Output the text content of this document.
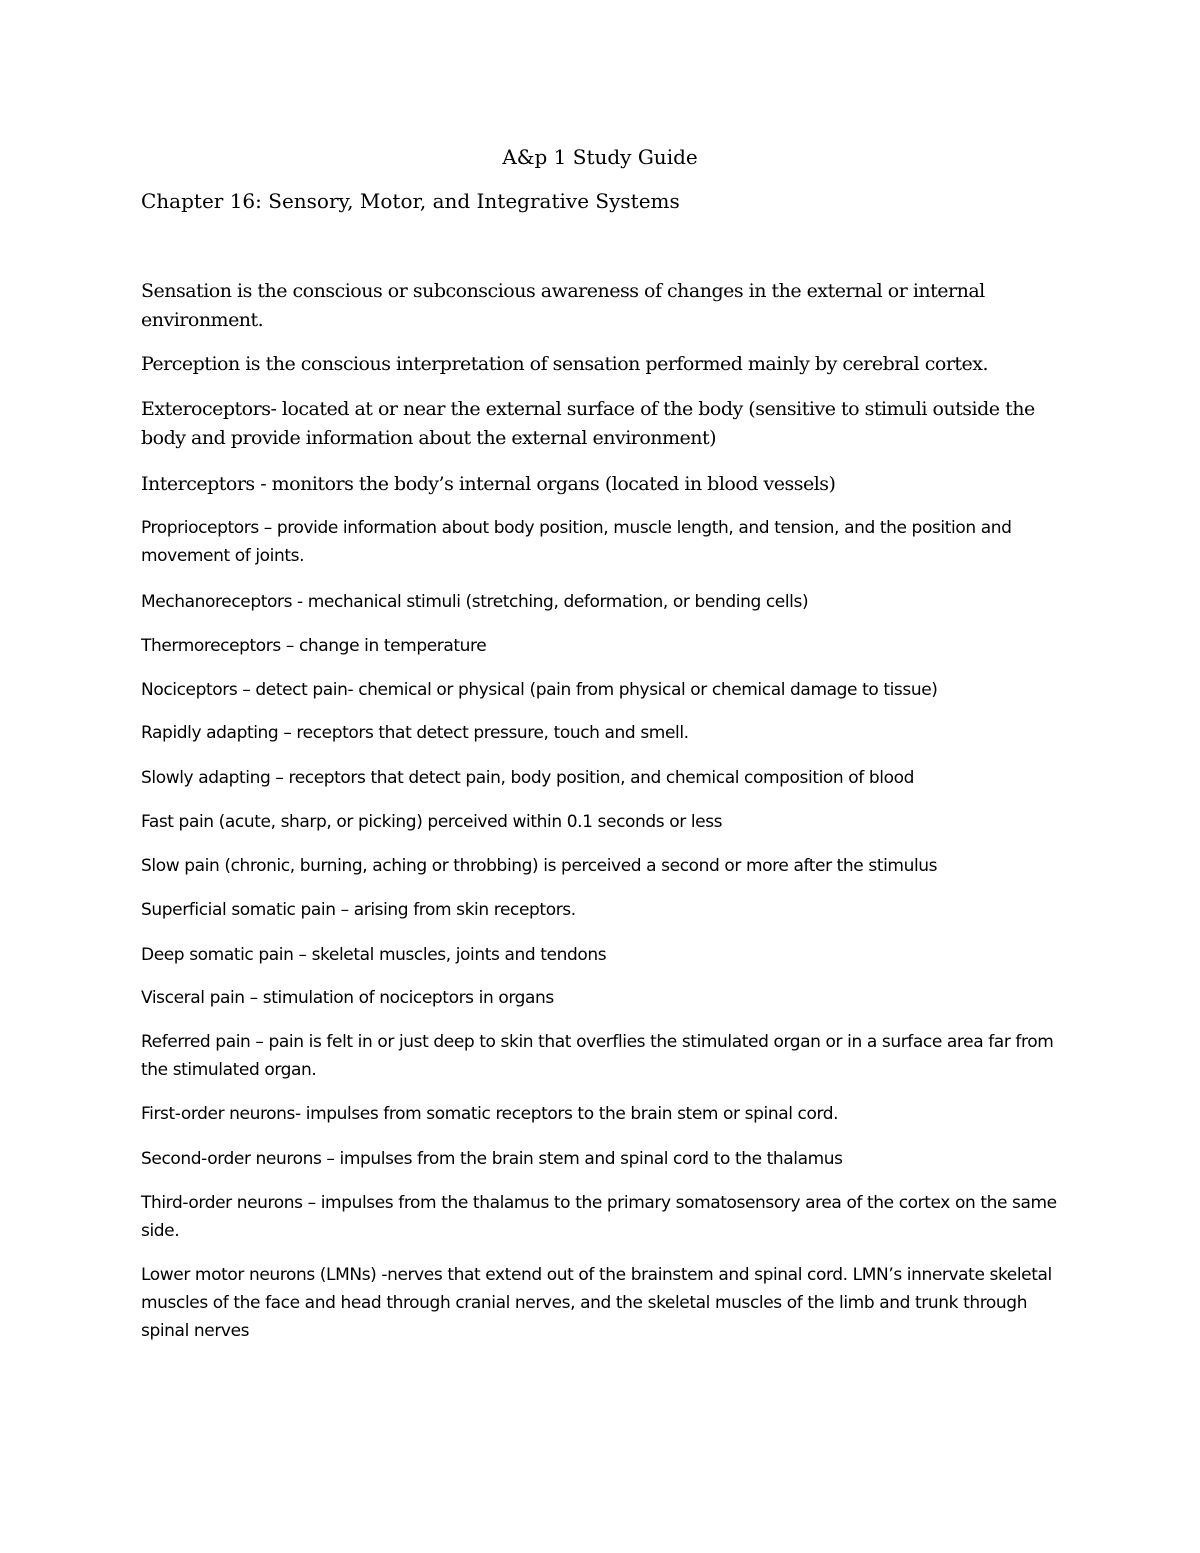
A&p 1 Study Guide

Chapter 16: Sensory, Motor, and Integrative Systems

Sensation is the conscious or subconscious awareness of changes in the external or internal environment.

Perception is the conscious interpretation of sensation performed mainly by cerebral cortex.

Exteroceptors- located at or near the external surface of the body (sensitive to stimuli outside the body and provide information about the external environment)

Interceptors - monitors the body’s internal organs (located in blood vessels)

Proprioceptors – provide information about body position, muscle length, and tension, and the position and movement of joints.

Mechanoreceptors - mechanical stimuli (stretching, deformation, or bending cells)

Thermoreceptors – change in temperature

Nociceptors – detect pain- chemical or physical (pain from physical or chemical damage to tissue)

Rapidly adapting – receptors that detect pressure, touch and smell.

Slowly adapting – receptors that detect pain, body position, and chemical composition of blood

Fast pain (acute, sharp, or picking) perceived within 0.1 seconds or less

Slow pain (chronic, burning, aching or throbbing) is perceived a second or more after the stimulus

Superficial somatic pain – arising from skin receptors.

Deep somatic pain – skeletal muscles, joints and tendons

Visceral pain – stimulation of nociceptors in organs

Referred pain – pain is felt in or just deep to skin that overflies the stimulated organ or in a surface area far from the stimulated organ.

First-order neurons- impulses from somatic receptors to the brain stem or spinal cord.

Second-order neurons – impulses from the brain stem and spinal cord to the thalamus

Third-order neurons – impulses from the thalamus to the primary somatosensory area of the cortex on the same side.

Lower motor neurons (LMNs) -nerves that extend out of the brainstem and spinal cord. LMN’s innervate skeletal muscles of the face and head through cranial nerves, and the skeletal muscles of the limb and trunk through spinal nerves
